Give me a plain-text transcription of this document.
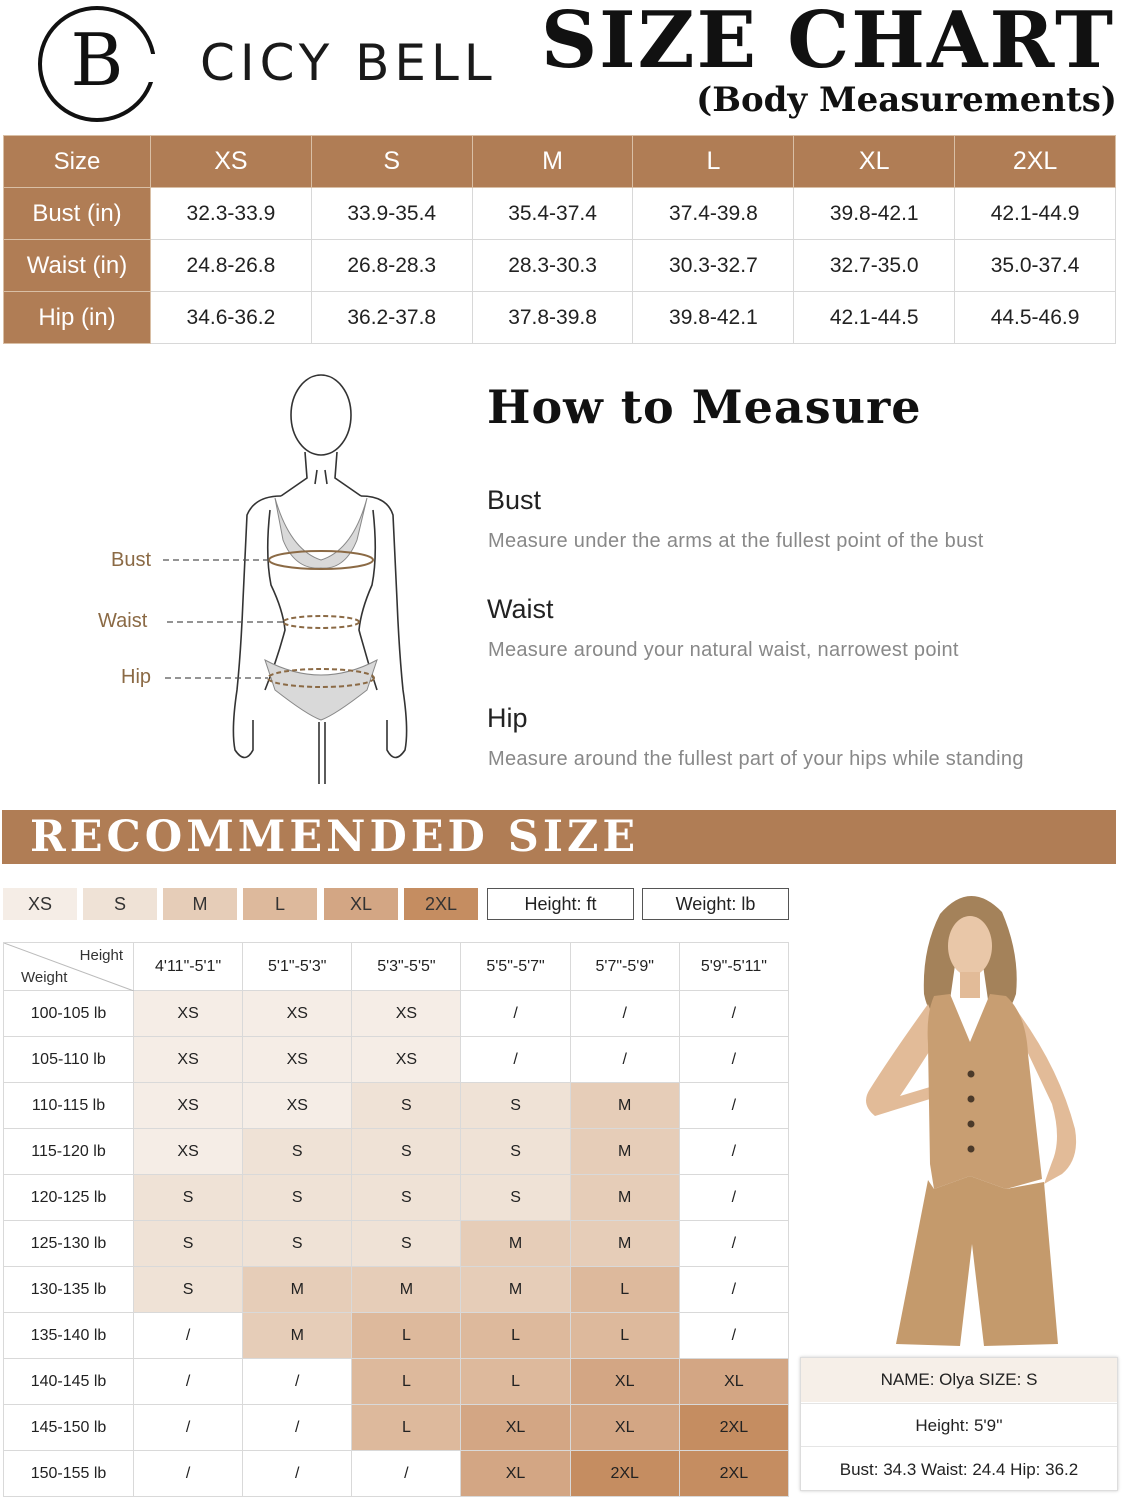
B	CICY BELL SIZE CHART
(Body Measurements)
Size	XS	S	M	L	XL	2XL
Bust (in)	32.3-33.9	33.9-35.4	35.4-37.4	37.4-39.8	39.8-42.1	42.1-44.9
Waist (in)	24.8-26.8	26.8-28.3	28.3-30.3	30.3-32.7	32.7-35.0	35.0-37.4
Hip (in)	34.6-36.2	36.2-37.8	37.8-39.8	39.8-42.1	42.1-44.5	44.5-46.9
Bust
Waist
Hip
How to Measure
Bust
Measure under the arms at the fullest point of the bust
Waist
Measure around your natural waist, narrowest point
Hip
Measure around the fullest part of your hips while standing
RECOMMENDED SIZE
XS	S	M	L	XL	2XL	Height: ft	Weight: lb
Height
Weight	4'11"-5'1"	5'1"-5'3"	5'3"-5'5"	5'5"-5'7"	5'7"-5'9"	5'9"-5'11"
100-105 lb	XS	XS	XS	/	/	/
105-110 lb	XS	XS	XS	/	/	/
110-115 lb	XS	XS	S	S	M	/
115-120 lb	XS	S	S	S	M	/
120-125 lb	S	S	S	S	M	/
125-130 lb	S	S	S	M	M	/
130-135 lb	S	M	M	M	L	/
135-140 lb	/	M	L	L	L	/
140-145 lb	/	/	L	L	XL	XL
145-150 lb	/	/	L	XL	XL	2XL
150-155 lb	/	/	/	XL	2XL	2XL
NAME: Olya SIZE: S
Height: 5'9''
Bust: 34.3 Waist: 24.4 Hip: 36.2
